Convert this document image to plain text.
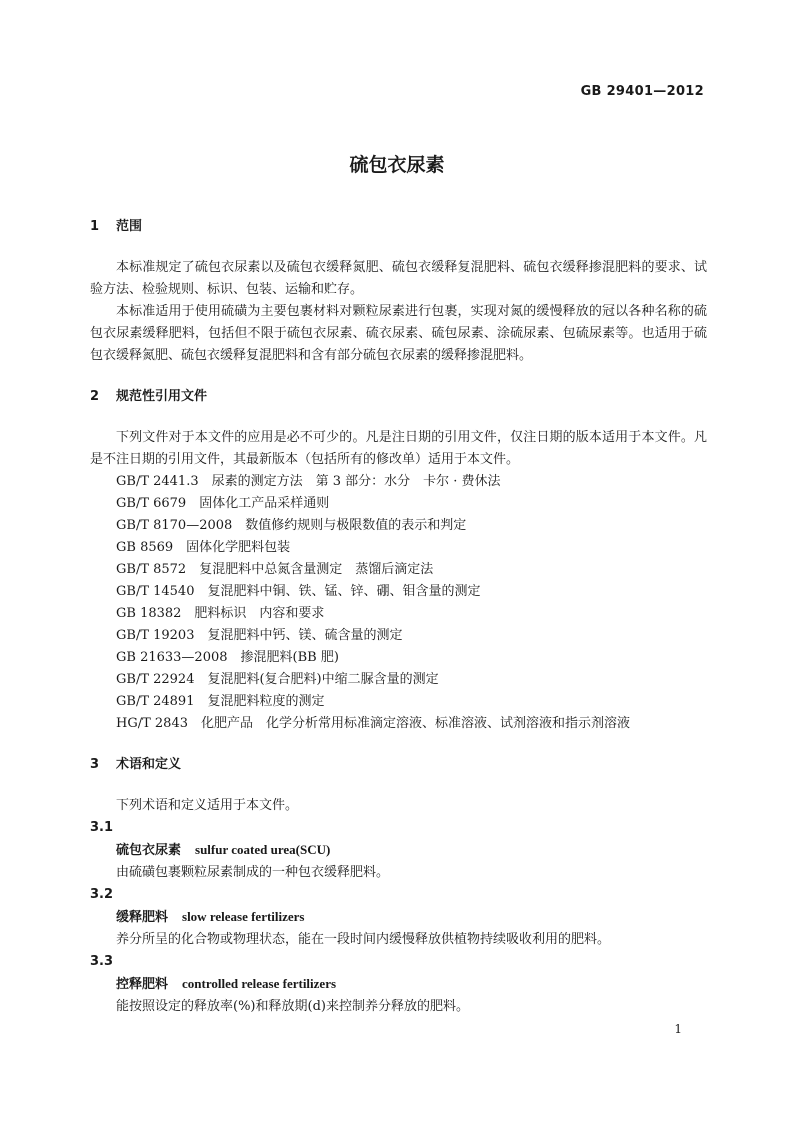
GB 29401—2012
硫包衣尿素
1 范围
本标准规定了硫包衣尿素以及硫包衣缓释氮肥、硫包衣缓释复混肥料、硫包衣缓释掺混肥料的要求、试验方法、检验规则、标识、包装、运输和贮存。
本标准适用于使用硫磺为主要包裹材料对颗粒尿素进行包裹，实现对氮的缓慢释放的冠以各种名称的硫包衣尿素缓释肥料，包括但不限于硫包衣尿素、硫衣尿素、硫包尿素、涂硫尿素、包硫尿素等。也适用于硫包衣缓释氮肥、硫包衣缓释复混肥料和含有部分硫包衣尿素的缓释掺混肥料。
2 规范性引用文件
下列文件对于本文件的应用是必不可少的。凡是注日期的引用文件，仅注日期的版本适用于本文件。凡是不注日期的引用文件，其最新版本（包括所有的修改单）适用于本文件。
GB/T 2441.3　尿素的测定方法　第 3 部分：水分　卡尔 · 费休法
GB/T 6679　固体化工产品采样通则
GB/T 8170—2008　数值修约规则与极限数值的表示和判定
GB 8569　固体化学肥料包装
GB/T 8572　复混肥料中总氮含量测定　蒸馏后滴定法
GB/T 14540　复混肥料中铜、铁、锰、锌、硼、钼含量的测定
GB 18382　肥料标识　内容和要求
GB/T 19203　复混肥料中钙、镁、硫含量的测定
GB 21633—2008　掺混肥料(BB 肥)
GB/T 22924　复混肥料(复合肥料)中缩二脲含量的测定
GB/T 24891　复混肥料粒度的测定
HG/T 2843　化肥产品　化学分析常用标准滴定溶液、标准溶液、试剂溶液和指示剂溶液
3 术语和定义
下列术语和定义适用于本文件。
3.1
硫包衣尿素 sulfur coated urea(SCU)
由硫磺包裹颗粒尿素制成的一种包衣缓释肥料。
3.2
缓释肥料 slow release fertilizers
养分所呈的化合物或物理状态，能在一段时间内缓慢释放供植物持续吸收利用的肥料。
3.3
控释肥料 controlled release fertilizers
能按照设定的释放率(%)和释放期(d)来控制养分释放的肥料。
1
